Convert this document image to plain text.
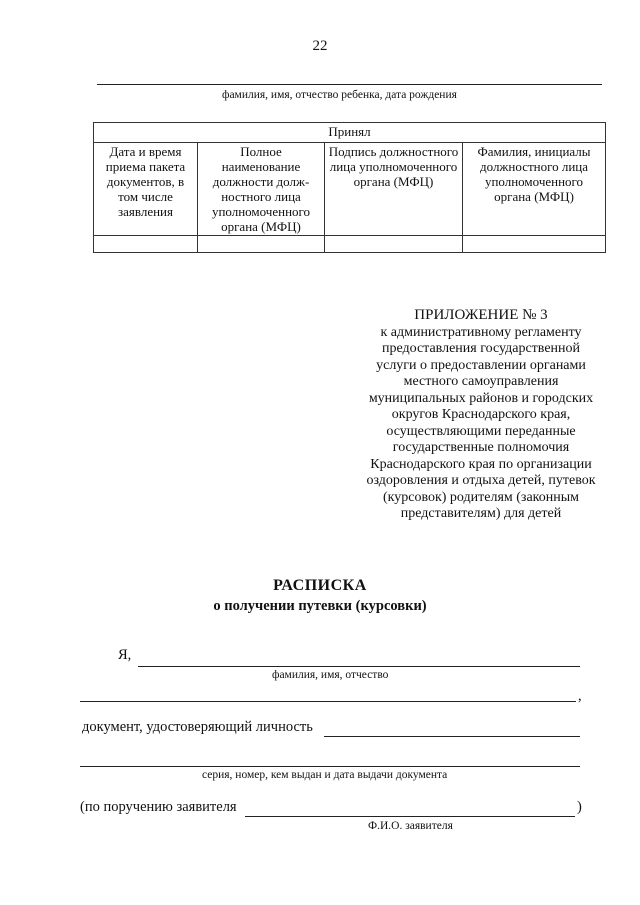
22
фамилия, имя, отчество ребенка, дата рождения
Принял			
Дата и время приема пакета документов, в том числе заявления	Полное наименование должности долж-ностного лица уполномоченного органа (МФЦ)	Подпись должностного лица уполномоченного органа (МФЦ)	Фамилия, инициалы должностного лица уполномоченного органа (МФЦ)

ПРИЛОЖЕНИЕ № 3
к административному регламенту
предоставления государственной
услуги о предоставлении органами
местного самоуправления
муниципальных районов и городских
округов Краснодарского края,
осуществляющими переданные
государственные полномочия
Краснодарского края по организации
оздоровления и отдыха детей, путевок
(курсовок) родителям (законным
представителям) для детей
РАСПИСКА
о получении путевки (курсовки)
Я,
фамилия, имя, отчество
,
документ, удостоверяющий личность
серия, номер, кем выдан и дата выдачи документа
(по поручению заявителя	)
Ф.И.О. заявителя
